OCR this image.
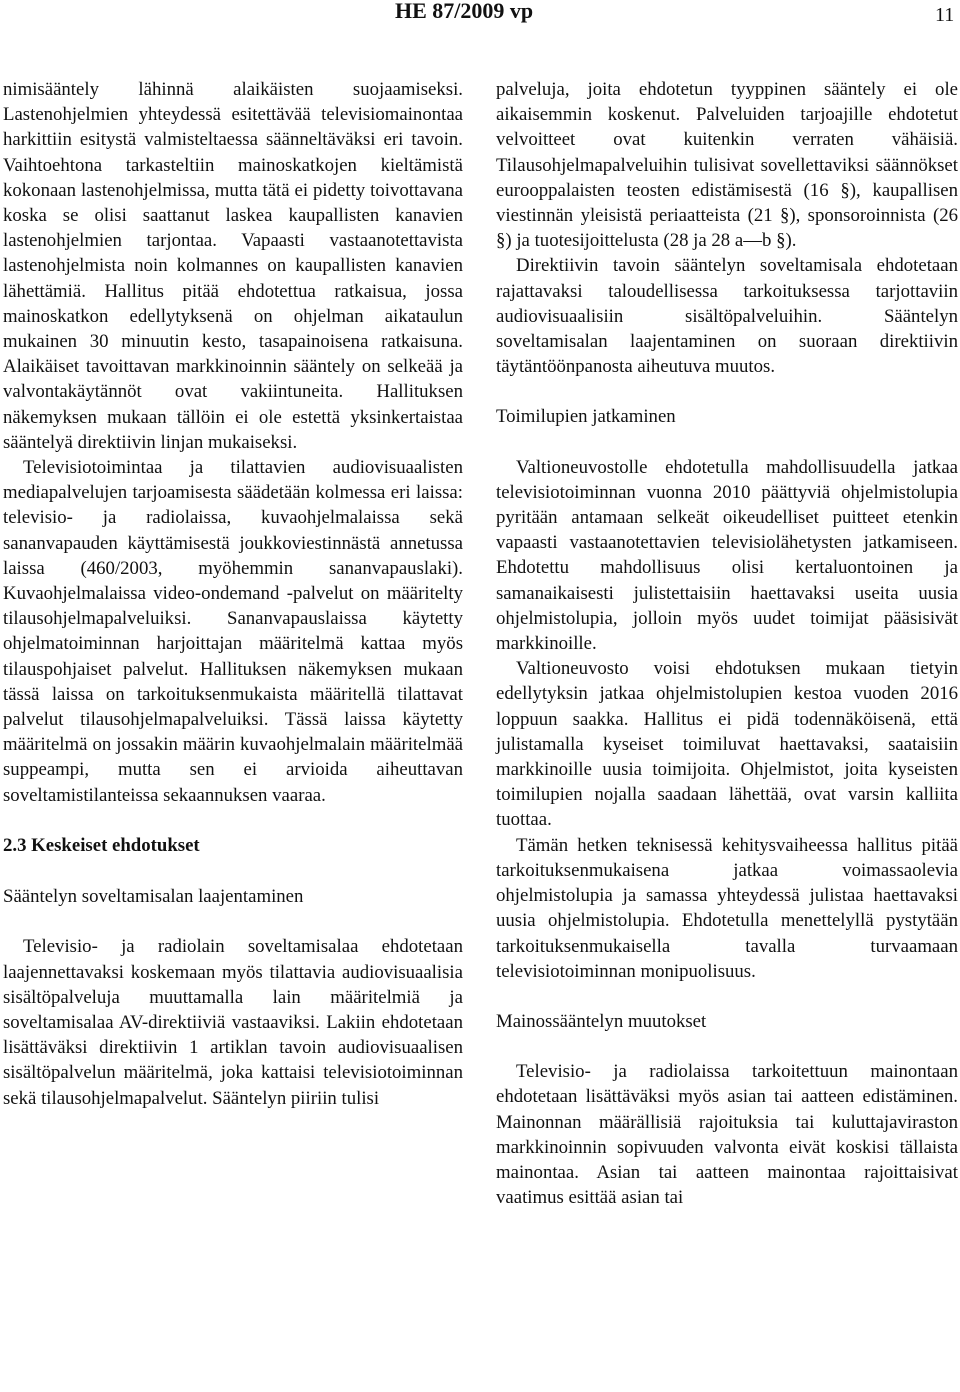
HE 87/2009 vp	11

nimisääntely lähinnä alaikäisten suojaamiseksi. Lastenohjelmien yhteydessä esitettävää televisiomainontaa harkittiin esitystä valmisteltaessa säänneltäväksi eri tavoin. Vaihtoehtona tarkasteltiin mainoskatkojen kieltämistä kokonaan lastenohjelmissa, mutta tätä ei pidetty toivottavana koska se olisi saattanut laskea kaupallisten kanavien lastenohjelmien tarjontaa. Vapaasti vastaanotettavista lastenohjelmista noin kolmannes on kaupallisten kanavien lähettämiä. Hallitus pitää ehdotettua ratkaisua, jossa mainoskatkon edellytyksenä on ohjelman aikataulun mukainen 30 minuutin kesto, tasapainoisena ratkaisuna. Alaikäiset tavoittavan markkinoinnin sääntely on selkeää ja valvontakäytännöt ovat vakiintuneita. Hallituksen näkemyksen mukaan tällöin ei ole estettä yksinkertaistaa sääntelyä direktiivin linjan mukaiseksi.

Televisiotoimintaa ja tilattavien audiovisuaalisten mediapalvelujen tarjoamisesta säädetään kolmessa eri laissa: televisio- ja radiolaissa, kuvaohjelmalaissa sekä sananvapauden käyttämisestä joukkoviestinnästä annetussa laissa (460/2003, myöhemmin sananvapauslaki). Kuvaohjelmalaissa video-ondemand -palvelut on määritelty tilausohjelmapalveluiksi. Sananvapauslaissa käytetty ohjelmatoiminnan harjoittajan määritelmä kattaa myös tilauspohjaiset palvelut. Hallituksen näkemyksen mukaan tässä laissa on tarkoituksenmukaista määritellä tilattavat palvelut tilausohjelmapalveluiksi. Tässä laissa käytetty määritelmä on jossakin määrin kuvaohjelmalain määritelmää suppeampi, mutta sen ei arvioida aiheuttavan soveltamistilanteissa sekaannuksen vaaraa.

2.3 Keskeiset ehdotukset
Sääntelyn soveltamisalan laajentaminen

Televisio- ja radiolain soveltamisalaa ehdotetaan laajennettavaksi koskemaan myös tilattavia audiovisuaalisia sisältöpalveluja muuttamalla lain määritelmiä ja soveltamisalaa AV-direktiiviä vastaaviksi. Lakiin ehdotetaan lisättäväksi direktiivin 1 artiklan tavoin audiovisuaalisen sisältöpalvelun määritelmä, joka kattaisi televisiotoiminnan sekä tilausohjelmapalvelut. Sääntelyn piiriin tulisi

palveluja, joita ehdotetun tyyppinen sääntely ei ole aikaisemmin koskenut. Palveluiden tarjoajille ehdotetut velvoitteet ovat kuitenkin verraten vähäisiä. Tilausohjelmapalveluihin tulisivat sovellettaviksi säännökset eurooppalaisten teosten edistämisestä (16 §), kaupallisen viestinnän yleisistä periaatteista (21 §), sponsoroinnista (26 §) ja tuotesijoittelusta (28 ja 28 a—b §).

Direktiivin tavoin sääntelyn soveltamisala ehdotetaan rajattavaksi taloudellisessa tarkoituksessa tarjottaviin audiovisuaalisiin sisältöpalveluihin. Sääntelyn soveltamisalan laajentaminen on suoraan direktiivin täytäntöönpanosta aiheutuva muutos.

Toimilupien jatkaminen

Valtioneuvostolle ehdotetulla mahdollisuudella jatkaa televisiotoiminnan vuonna 2010 päättyviä ohjelmistolupia pyritään antamaan selkeät oikeudelliset puitteet etenkin vapaasti vastaanotettavien televisiolähetysten jatkamiseen. Ehdotettu mahdollisuus olisi kertaluontoinen ja samanaikaisesti julistettaisiin haettavaksi useita uusia ohjelmistolupia, jolloin myös uudet toimijat pääsisivät markkinoille.

Valtioneuvosto voisi ehdotuksen mukaan tietyin edellytyksin jatkaa ohjelmistolupien kestoa vuoden 2016 loppuun saakka. Hallitus ei pidä todennäköisenä, että julistamalla kyseiset toimiluvat haettavaksi, saataisiin markkinoille uusia toimijoita. Ohjelmistot, joita kyseisten toimilupien nojalla saadaan lähettää, ovat varsin kalliita tuottaa.

Tämän hetken teknisessä kehitysvaiheessa hallitus pitää tarkoituksenmukaisena jatkaa voimassaolevia ohjelmistolupia ja samassa yhteydessä julistaa haettavaksi uusia ohjelmistolupia. Ehdotetulla menettelyllä pystytään tarkoituksenmukaisella tavalla turvaamaan televisiotoiminnan monipuolisuus.

Mainossääntelyn muutokset

Televisio- ja radiolaissa tarkoitettuun mainontaan ehdotetaan lisättäväksi myös asian tai aatteen edistäminen. Mainonnan määrällisiä rajoituksia tai kuluttajaviraston markkinoinnin sopivuuden valvonta eivät koskisi tällaista mainontaa. Asian tai aatteen mainontaa rajoittaisivat vaatimus esittää asian tai
